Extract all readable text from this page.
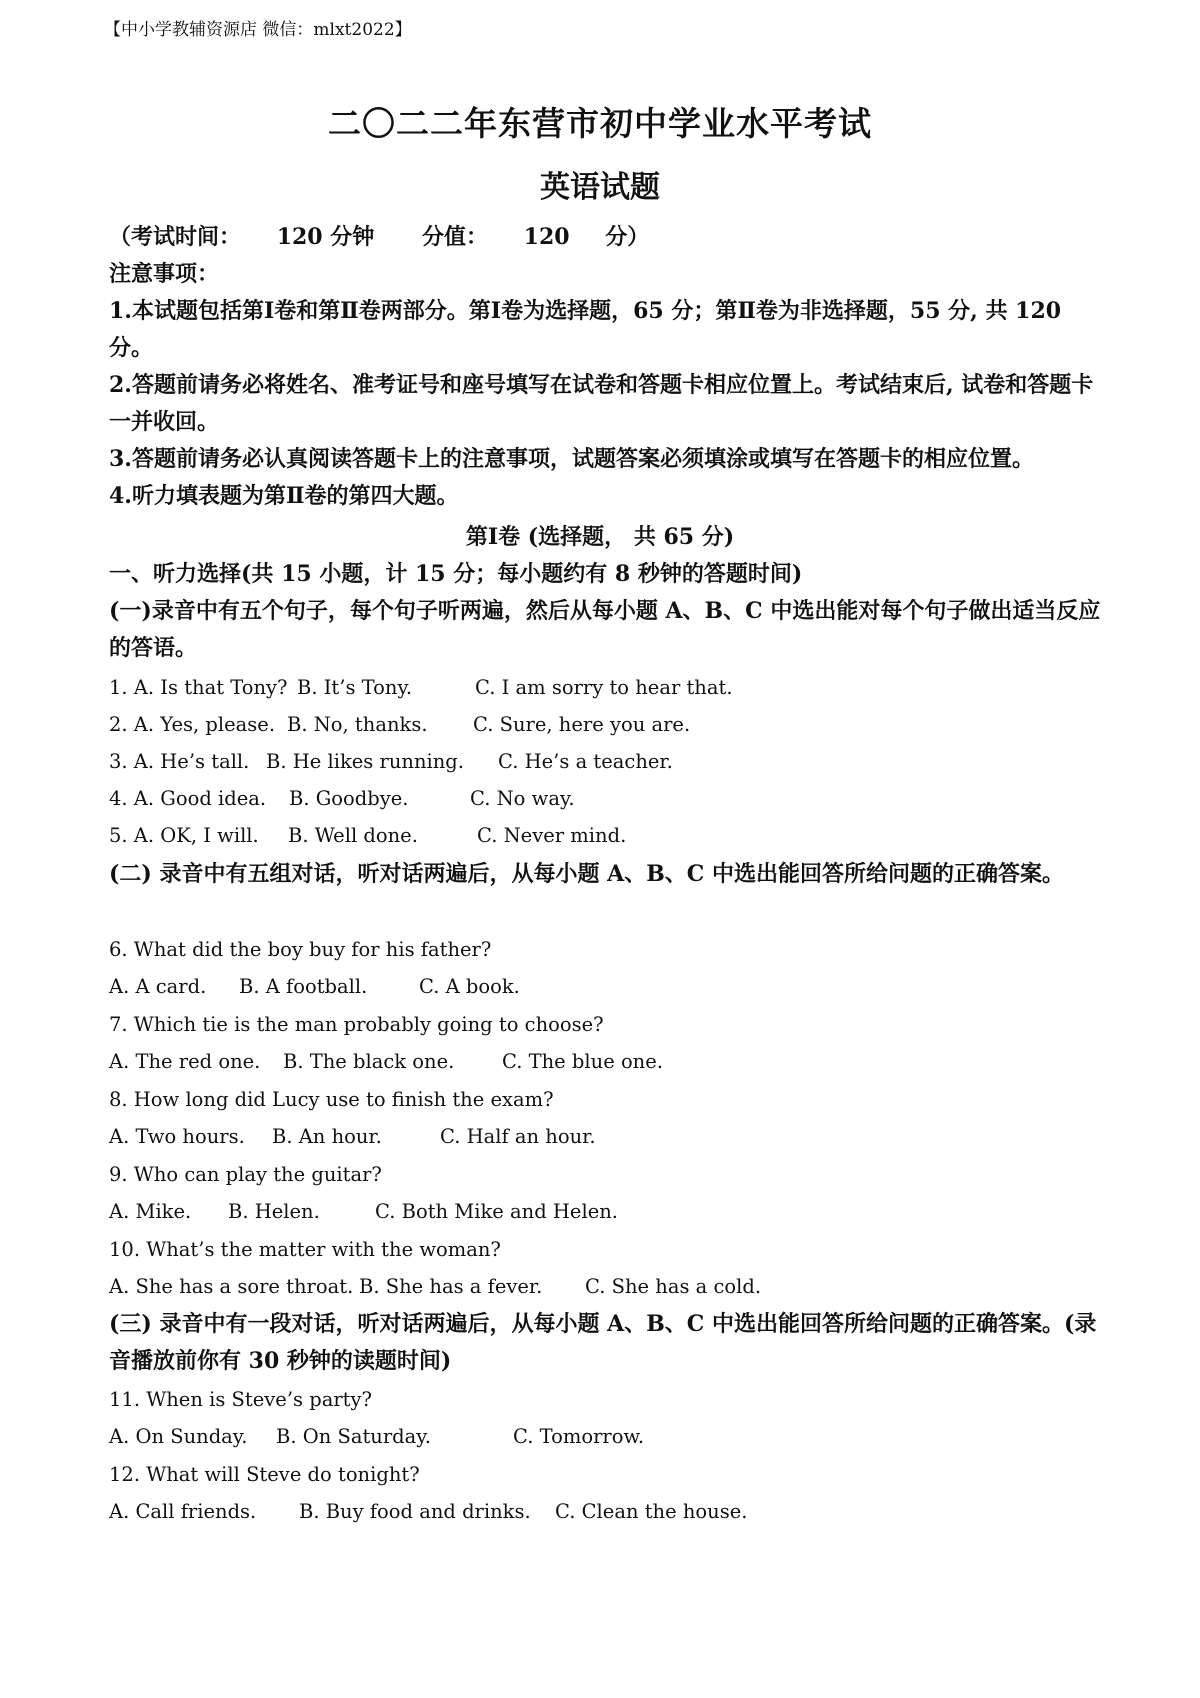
【中小学教辅资源店 微信：mlxt2022】
二〇二二年东营市初中学业水平考试
英语试题

（考试时间： 120 分钟 分值： 120 分）

注意事项：

1.本试题包括第Ⅰ卷和第Ⅱ卷两部分。第Ⅰ卷为选择题，65 分；第Ⅱ卷为非选择题，55 分, 共 120 分。

2.答题前请务必将姓名、准考证号和座号填写在试卷和答题卡相应位置上。考试结束后, 试卷和答题卡一并收回。

3.答题前请务必认真阅读答题卡上的注意事项，试题答案必须填涂或填写在答题卡的相应位置。

4.听力填表题为第Ⅱ卷的第四大题。

第Ⅰ卷 (选择题， 共 65 分)

一、听力选择(共 15 小题，计 15 分；每小题约有 8 秒钟的答题时间)

(一)录音中有五个句子，每个句子听两遍，然后从每小题 A、B、C 中选出能对每个句子做出适当反应的答语。

1. A. Is that Tony? B. It’s Tony.	C. I am sorry to hear that.
2. A. Yes, please. B. No, thanks. C. Sure, here you are.
3. A. He’s tall. B. He likes running. C. He’s a teacher.
4. A. Good idea. B. Goodbye.	C. No way.
5. A. OK, I will. B. Well done.	C. Never mind.

(二) 录音中有五组对话，听对话两遍后，从每小题 A、B、C 中选出能回答所给问题的正确答案。

6. What did the boy buy for his father?
A. A card. B. A football.	C. A book.
7. Which tie is the man probably going to choose?
A. The red one. B. The black one. C. The blue one.
8. How long did Lucy use to finish the exam?
A. Two hours. B. An hour.	C. Half an hour.
9. Who can play the guitar?
A. Mike. B. Helen.	C. Both Mike and Helen.
10. What’s the matter with the woman?
A. She has a sore throat. B. She has a fever. C. She has a cold.

(三) 录音中有一段对话，听对话两遍后，从每小题 A、B、C 中选出能回答所给问题的正确答案。(录音播放前你有 30 秒钟的读题时间)

11. When is Steve’s party?
A. On Sunday. B. On Saturday.	C. Tomorrow.
12. What will Steve do tonight?
A. Call friends. B. Buy food and drinks. C. Clean the house.
